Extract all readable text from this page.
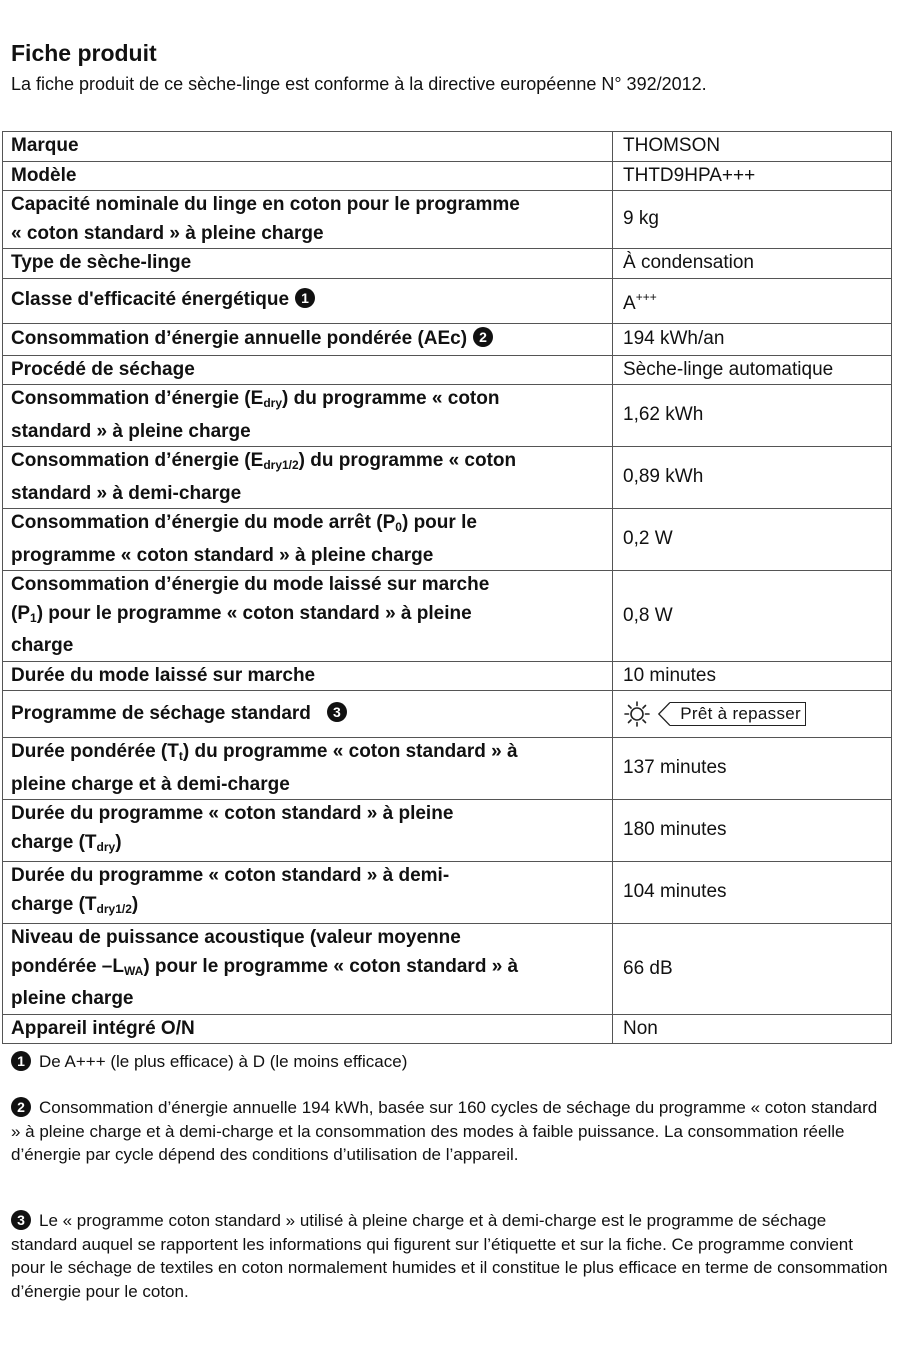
Fiche produit
La fiche produit de ce sèche-linge est conforme à la directive européenne N° 392/2012.
Marque	THOMSON
Modèle	THTD9HPA+++
Capacité nominale du linge en coton pour le programme
« coton standard » à pleine charge	9 kg
Type de sèche-linge	À condensation
Classe d'efficacité énergétique 1	A+++
Consommation d’énergie annuelle pondérée (AEc) 2	194 kWh/an
Procédé de séchage	Sèche-linge automatique
Consommation d’énergie $(E_{dry})$ du programme « coton
standard » à pleine charge	1,62 kWh
Consommation d’énergie $(E_{dry1/2})$ du programme « coton
standard » à demi-charge	0,89 kWh
Consommation d’énergie du mode arrêt $(P_0)$ pour le
programme « coton standard » à pleine charge	0,2 W
Consommation d’énergie du mode laissé sur marche
$(P_1)$ pour le programme « coton standard » à pleine
charge	0,8 W
Durée du mode laissé sur marche	10 minutes
Programme de séchage standard 3	Prêt à repasser

Durée pondérée $(T_t)$ du programme « coton standard » à
pleine charge et à demi-charge	137 minutes
Durée du programme « coton standard » à pleine
charge $(T_{dry})$	180 minutes
Durée du programme « coton standard » à demi-
charge $(T_{dry1/2})$	104 minutes
Niveau de puissance acoustique (valeur moyenne
pondérée $-L_{WA}$) pour le programme « coton standard » à
pleine charge	66 dB
Appareil intégré O/N	Non
1 De A+++ (le plus efficace) à D (le moins efficace)
2 Consommation d’énergie annuelle 194 kWh, basée sur 160 cycles de séchage du programme « coton standard » à pleine charge et à demi-charge et la consommation des modes à faible puissance. La consommation réelle d’énergie par cycle dépend des conditions d’utilisation de l’appareil.
3 Le « programme coton standard » utilisé à pleine charge et à demi-charge est le programme de séchage standard auquel se rapportent les informations qui figurent sur l’étiquette et sur la fiche. Ce programme convient pour le séchage de textiles en coton normalement humides et il constitue le plus efficace en terme de consommation d’énergie pour le coton.
